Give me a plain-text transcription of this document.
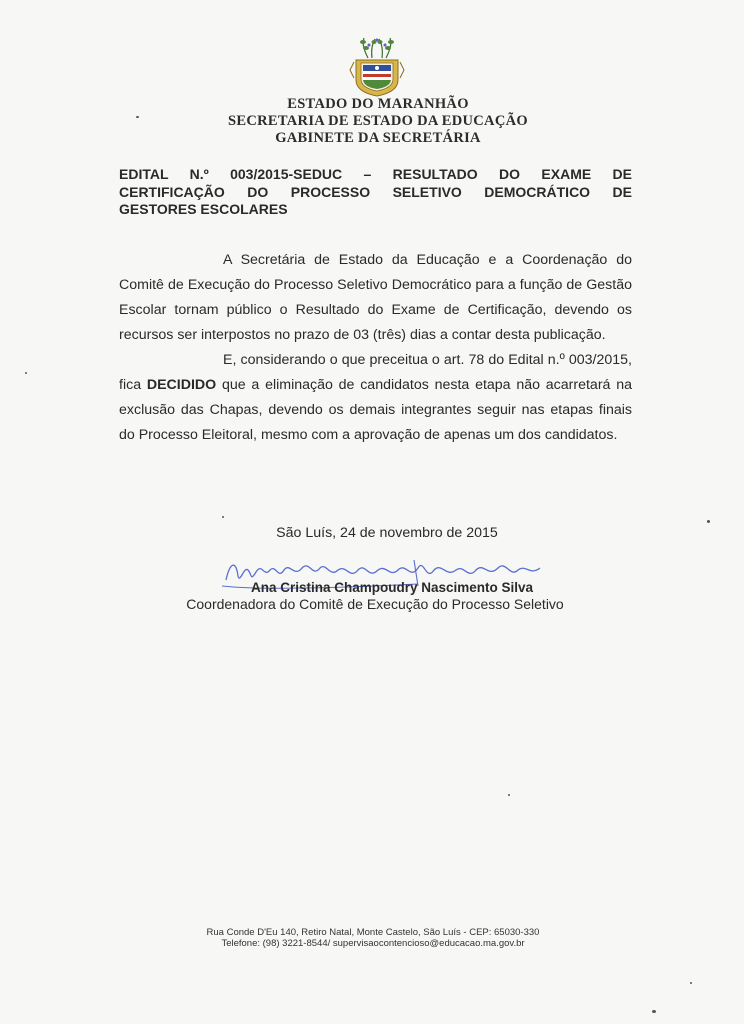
ESTADO DO MARANHÃO
SECRETARIA DE ESTADO DA EDUCAÇÃO
GABINETE DA SECRETÁRIA
EDITAL N.º 003/2015-SEDUC – RESULTADO DO EXAME DE
CERTIFICAÇÃO DO PROCESSO SELETIVO DEMOCRÁTICO DE
GESTORES ESCOLARES

A Secretária de Estado da Educação e a Coordenação do Comitê de Execução do Processo Seletivo Democrático para a função de Gestão Escolar tornam público o Resultado do Exame de Certificação, devendo os recursos ser interpostos no prazo de 03 (três) dias a contar desta publicação.

E, considerando o que preceitua o art. 78 do Edital n.º 003/2015, fica DECIDIDO que a eliminação de candidatos nesta etapa não acarretará na exclusão das Chapas, devendo os demais integrantes seguir nas etapas finais do Processo Eleitoral, mesmo com a aprovação de apenas um dos candidatos.

São Luís, 24 de novembro de 2015
Ana Cristina Champoudry Nascimento Silva
Coordenadora do Comitê de Execução do Processo Seletivo
Rua Conde D'Eu 140, Retiro Natal, Monte Castelo, São Luís - CEP: 65030-330
Telefone: (98) 3221-8544/ supervisaocontencioso@educacao.ma.gov.br
